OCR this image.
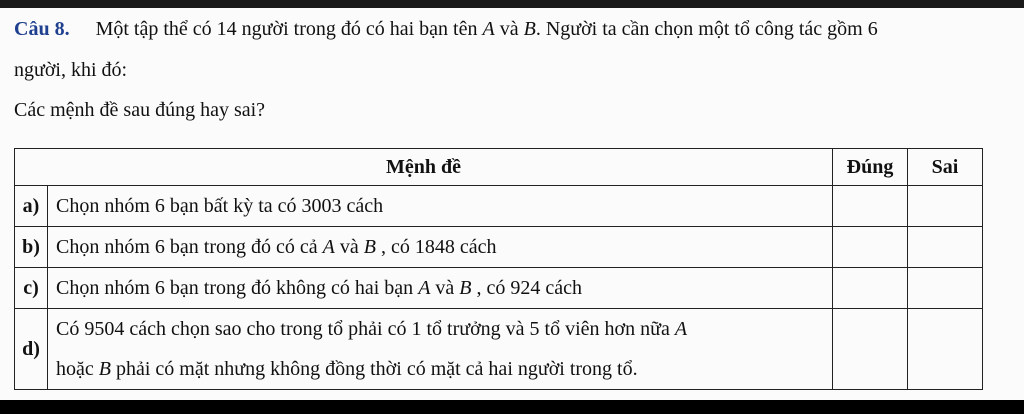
Câu 8. Một tập thể có 14 người trong đó có hai bạn tên A và B. Người ta cần chọn một tổ công tác gồm 6
người, khi đó:
Các mệnh đề sau đúng hay sai?
Mệnh đề		Đúng	Sai
a)	Chọn nhóm 6 bạn bất kỳ ta có 3003 cách		
b)	Chọn nhóm 6 bạn trong đó có cả A và B , có 1848 cách		
c)	Chọn nhóm 6 bạn trong đó không có hai bạn A và B , có 924 cách		
d)	Có 9504 cách chọn sao cho trong tổ phải có 1 tổ trưởng và 5 tổ viên hơn nữa A
hoặc B phải có mặt nhưng không đồng thời có mặt cả hai người trong tổ.		
